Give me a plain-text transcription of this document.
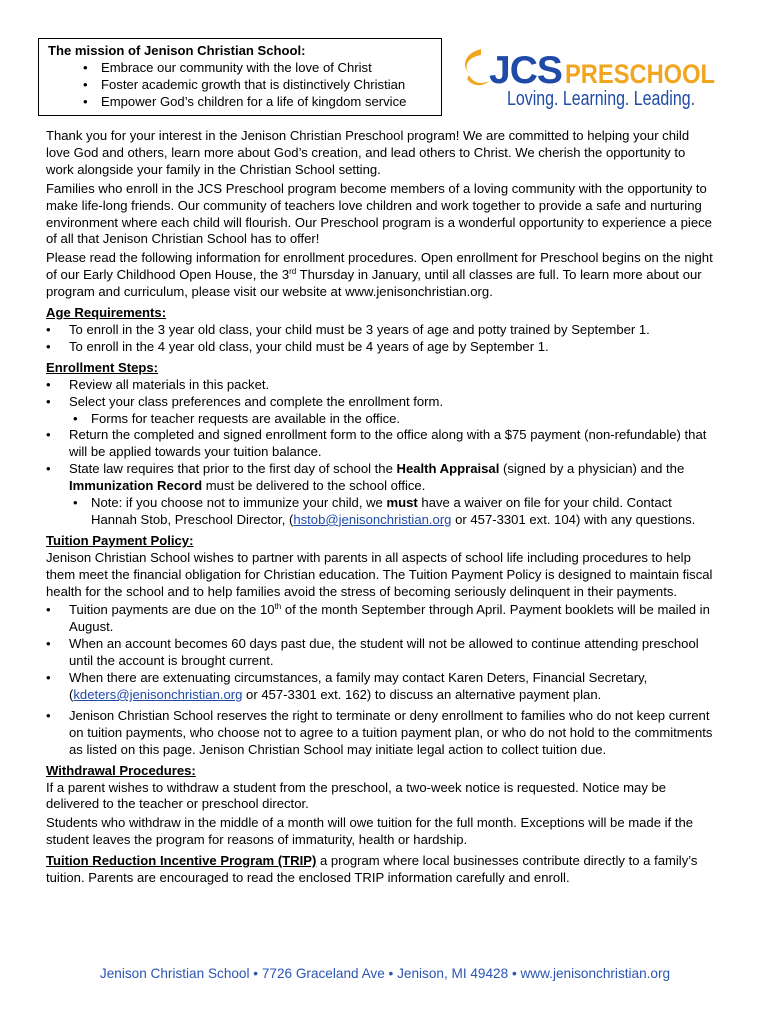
The mission of Jenison Christian School:
• Embrace our community with the love of Christ
• Foster academic growth that is distinctively Christian
• Empower God’s children for a life of kingdom service
JCS PRESCHOOL
Loving. Learning. Leading.

Thank you for your interest in the Jenison Christian Preschool program! We are committed to helping your child love God and others, learn more about God’s creation, and lead others to Christ. We cherish the opportunity to work alongside your family in the Christian School setting.

Families who enroll in the JCS Preschool program become members of a loving community with the opportunity to make life-long friends. Our community of teachers love children and work together to provide a safe and nurturing environment where each child will flourish. Our Preschool program is a wonderful opportunity to experience a piece of all that Jenison Christian School has to offer!

Please read the following information for enrollment procedures. Open enrollment for Preschool begins on the night of our Early Childhood Open House, the 3rd Thursday in January, until all classes are full. To learn more about our program and curriculum, please visit our website at www.jenisonchristian.org.

Age Requirements:
• To enroll in the 3 year old class, your child must be 3 years of age and potty trained by September 1.
• To enroll in the 4 year old class, your child must be 4 years of age by September 1.
Enrollment Steps:
• Review all materials in this packet.
• Select your class preferences and complete the enrollment form.
• Forms for teacher requests are available in the office.
• Return the completed and signed enrollment form to the office along with a $75 payment (non-refundable) that will be applied towards your tuition balance.
• State law requires that prior to the first day of school the Health Appraisal (signed by a physician) and the Immunization Record must be delivered to the school office.
• Note: if you choose not to immunize your child, we must have a waiver on file for your child. Contact Hannah Stob, Preschool Director, (hstob@jenisonchristian.org or 457-3301 ext. 104) with any questions.
Tuition Payment Policy:

Jenison Christian School wishes to partner with parents in all aspects of school life including procedures to help them meet the financial obligation for Christian education. The Tuition Payment Policy is designed to maintain fiscal health for the school and to help families avoid the stress of becoming seriously delinquent in their payments.

• Tuition payments are due on the 10th of the month September through April. Payment booklets will be mailed in August.
• When an account becomes 60 days past due, the student will not be allowed to continue attending preschool until the account is brought current.
• When there are extenuating circumstances, a family may contact Karen Deters, Financial Secretary, (kdeters@jenisonchristian.org or 457-3301 ext. 162) to discuss an alternative payment plan.
• Jenison Christian School reserves the right to terminate or deny enrollment to families who do not keep current on tuition payments, who choose not to agree to a tuition payment plan, or who do not hold to the commitments as listed on this page. Jenison Christian School may initiate legal action to collect tuition due.
Withdrawal Procedures:

If a parent wishes to withdraw a student from the preschool, a two-week notice is requested. Notice may be delivered to the teacher or preschool director.

Students who withdraw in the middle of a month will owe tuition for the full month. Exceptions will be made if the student leaves the program for reasons of immaturity, health or hardship.

Tuition Reduction Incentive Program (TRIP) a program where local businesses contribute directly to a family’s tuition. Parents are encouraged to read the enclosed TRIP information carefully and enroll.

Jenison Christian School • 7726 Graceland Ave • Jenison, MI 49428 • www.jenisonchristian.org
